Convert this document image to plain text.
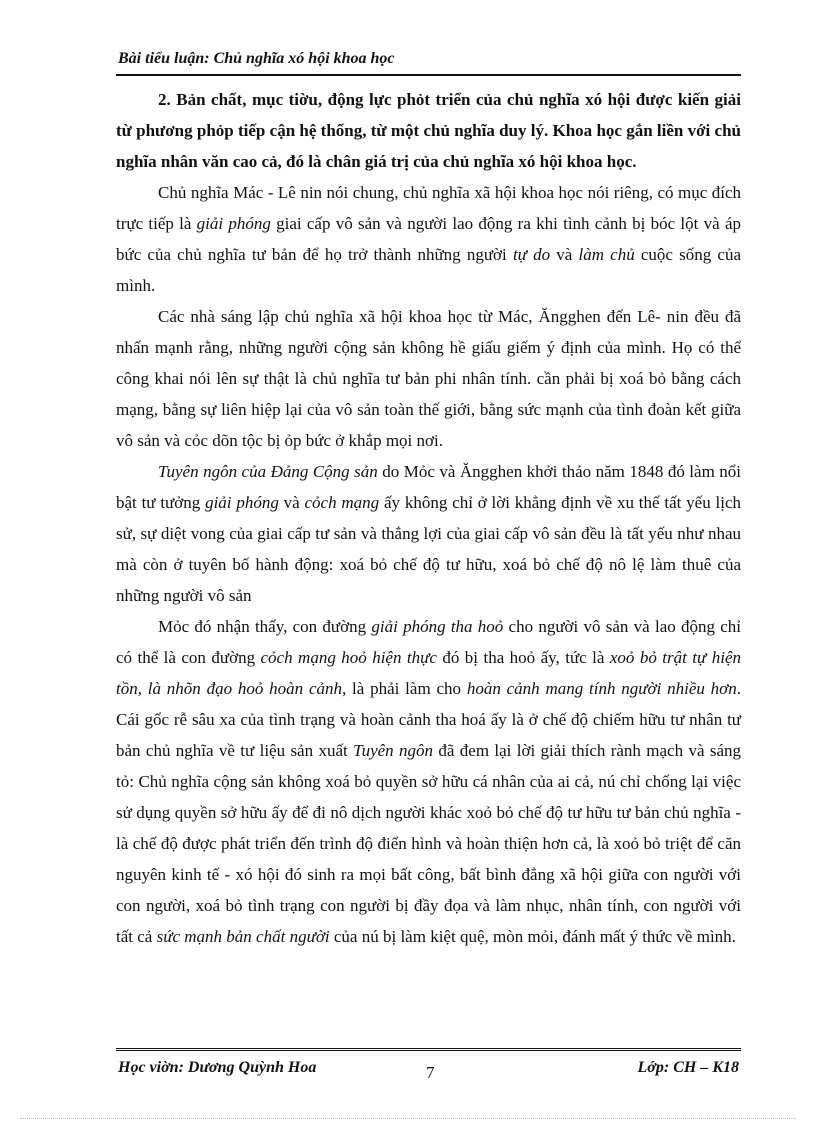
Bài tiểu luận: Chủ nghĩa xó hội khoa học

2. Bản chất, mục tiờu, động lực phỏt triển của chủ nghĩa xó hội được kiến giải từ phương phỏp tiếp cận hệ thống, từ một chủ nghĩa duy lý. Khoa học gắn liền với chủ nghĩa nhân văn cao cả, đó là chân giá trị của chủ nghĩa xó hội khoa học.

Chủ nghĩa Mác - Lê nin nói chung, chủ nghĩa xã hội khoa học nói riêng, có mục đích trực tiếp là giải phóng giai cấp vô sản và người lao động ra khi tình cảnh bị bóc lột và áp bức của chủ nghĩa tư bản để họ trở thành những người tự do và làm chủ cuộc sống của mình.

Các nhà sáng lập chủ nghĩa xã hội khoa học từ Mác, Ăngghen đến Lê- nin đều đã nhấn mạnh rằng, những người cộng sản không hề giấu giếm ý định của mình. Họ có thể công khai nói lên sự thật là chủ nghĩa tư bản phi nhân tính. cần phải bị xoá bỏ bằng cách mạng, bằng sự liên hiệp lại của vô sản toàn thế giới, bằng sức mạnh của tình đoàn kết giữa vô sản và cỏc dõn tộc bị ỏp bức ở khắp mọi nơi.

Tuyên ngôn của Đảng Cộng sản do Mỏc và Ăngghen khởi thảo năm 1848 đó làm nổi bật tư tưởng giải phóng và cỏch mạng ấy không chỉ ở lời khẳng định về xu thế tất yếu lịch sử, sự diệt vong của giai cấp tư sản và thắng lợi của giai cấp vô sản đều là tất yếu như nhau mà còn ở tuyên bố hành động: xoá bỏ chế độ tư hữu, xoá bỏ chế độ nô lệ làm thuê của những người vô sản

Mỏc đó nhận thấy, con đường giải phóng tha hoỏ cho người vô sản và lao động chỉ có thể là con đường cỏch mạng hoỏ hiện thực đó bị tha hoỏ ấy, tức là xoỏ bỏ trật tự hiện tồn, là nhõn đạo hoỏ hoàn cảnh, là phải làm cho hoàn cảnh mang tính người nhiều hơn. Cái gốc rễ sâu xa của tình trạng và hoàn cảnh tha hoá ấy là ở chế độ chiếm hữu tư nhân tư bản chủ nghĩa về tư liệu sản xuất Tuyên ngôn đã đem lại lời giải thích rành mạch và sáng tỏ: Chủ nghĩa cộng sản không xoá bỏ quyền sở hữu cá nhân của ai cả, nú chỉ chống lại việc sử dụng quyền sở hữu ấy để đi nô dịch người khác xoỏ bỏ chế độ tư hữu tư bản chủ nghĩa - là chế độ được phát triển đến trình độ điển hình và hoàn thiện hơn cả, là xoỏ bỏ triệt để căn nguyên kinh tế - xó hội đó sinh ra mọi bất công, bất bình đẳng xã hội giữa con người với con người, xoá bỏ tình trạng con người bị đầy đọa và làm nhục, nhân tính, con người với tất cả sức mạnh bản chất người của nú bị làm kiệt quệ, mòn mỏi, đánh mất ý thức về mình.

Học viờn: Dương Quỳnh Hoa	7	Lớp: CH – K18
